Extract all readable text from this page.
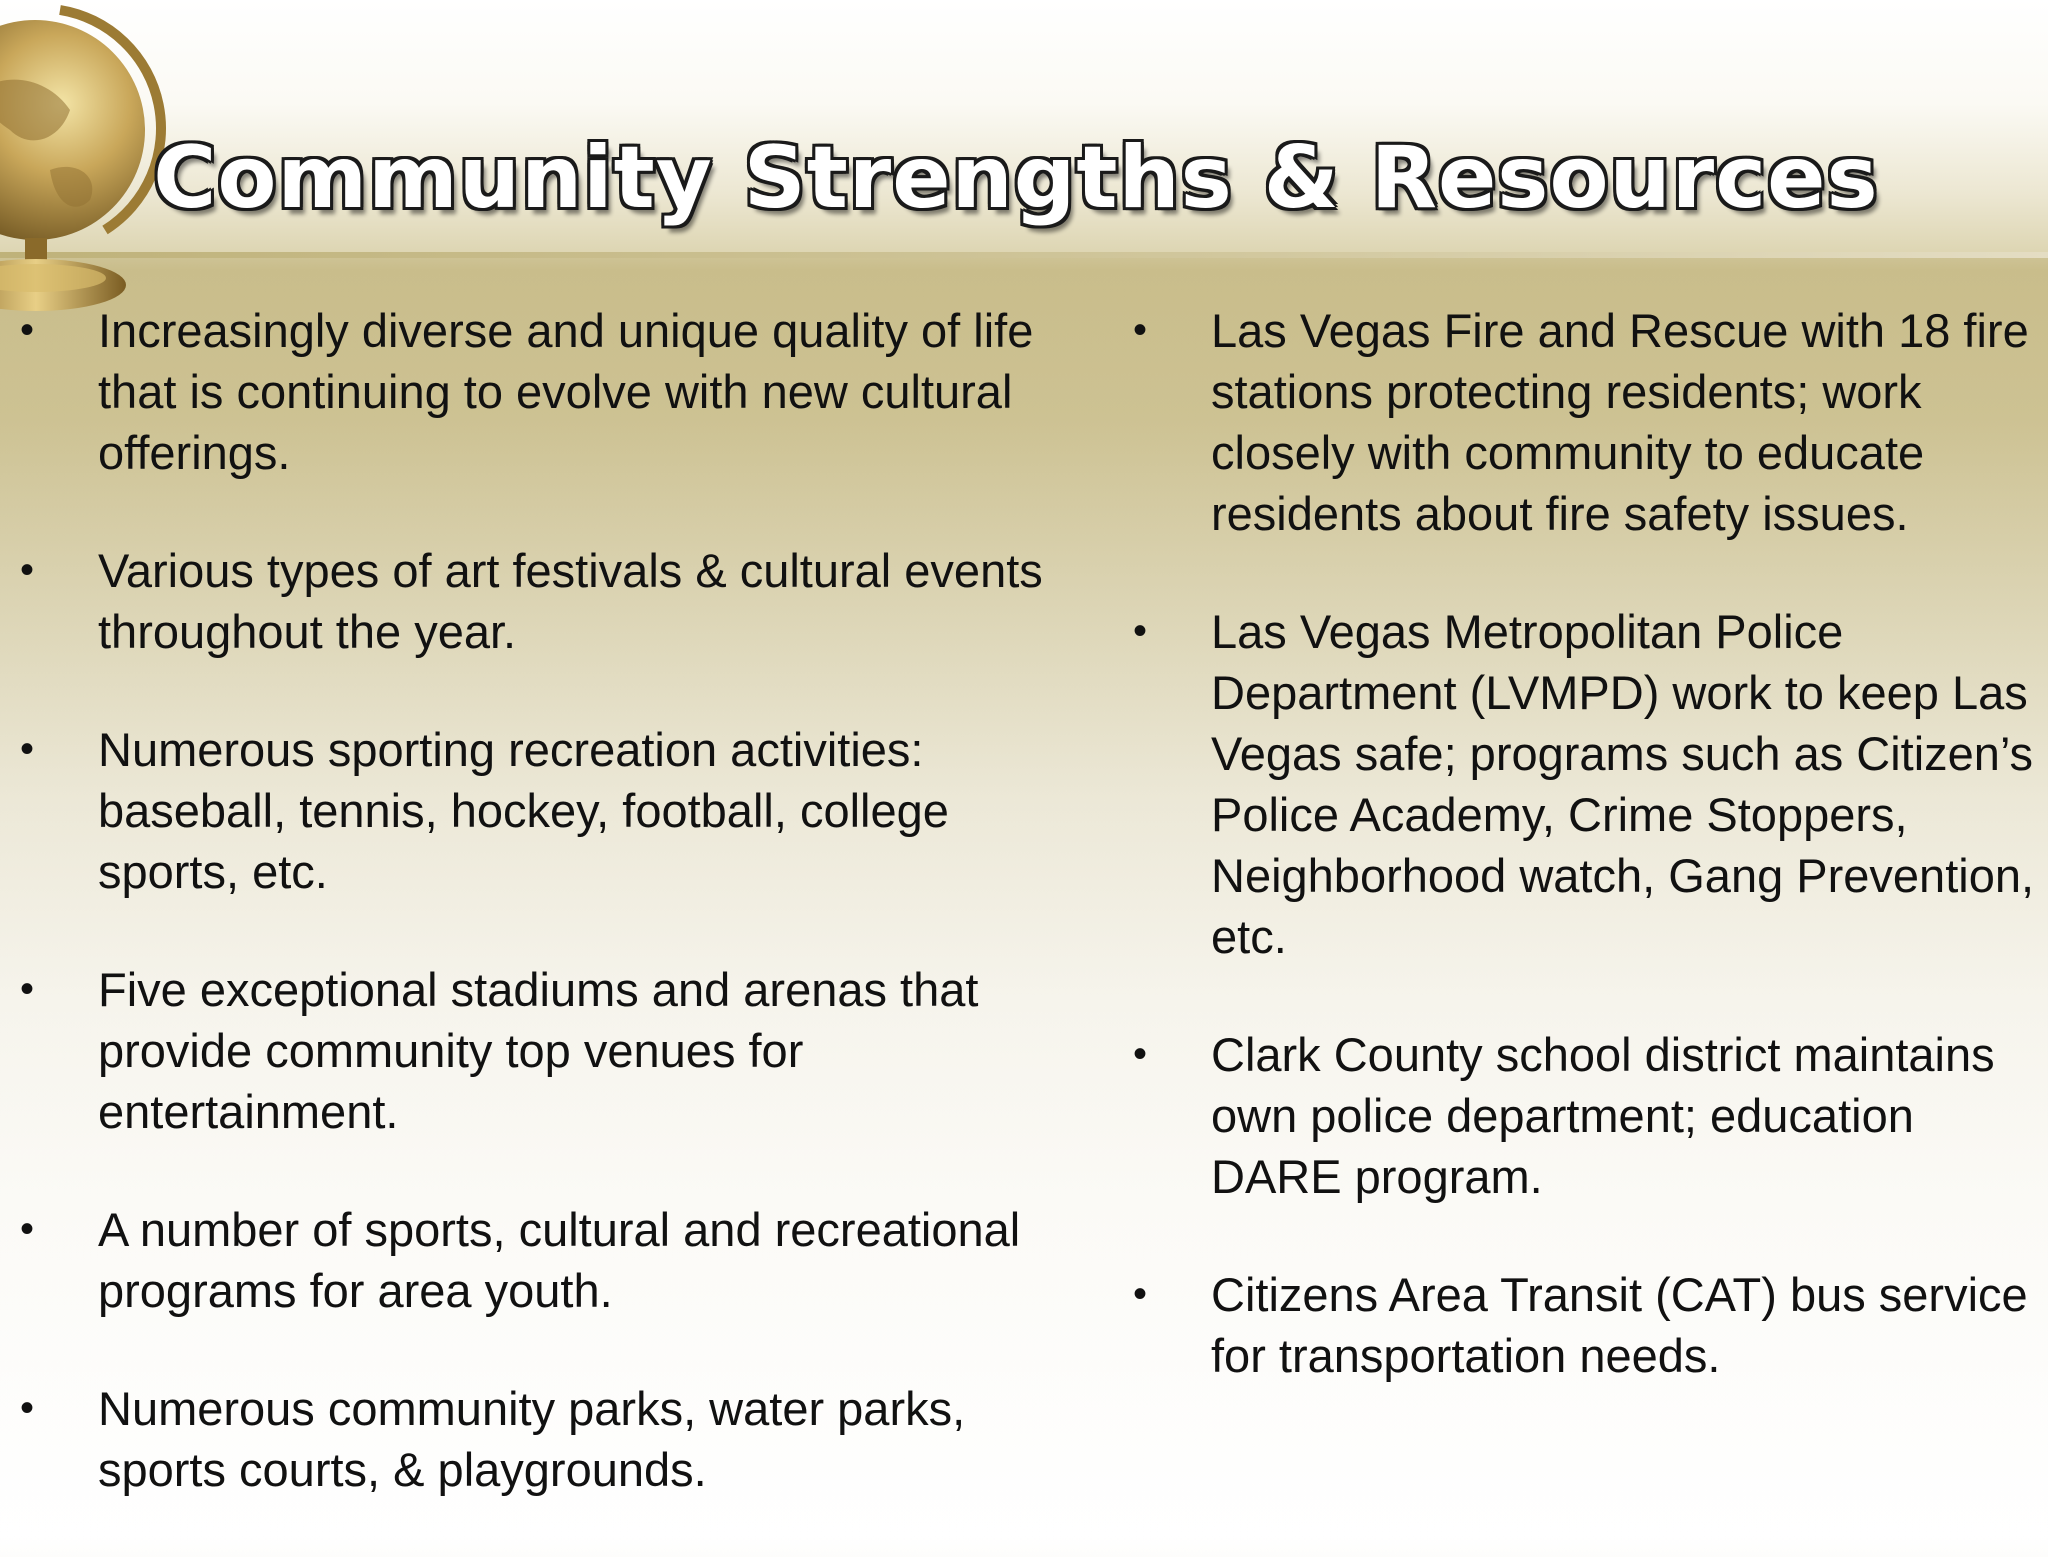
Community Strengths & Resources
• Increasingly diverse and unique quality of life that is continuing to evolve with new cultural offerings.
• Various types of art festivals & cultural events throughout the year.
• Numerous sporting recreation activities: baseball, tennis, hockey, football, college sports, etc.
• Five exceptional stadiums and arenas that provide community top venues for entertainment.
• A number of sports, cultural and recreational programs for area youth.
• Numerous community parks, water parks, sports courts, & playgrounds.
• Las Vegas Fire and Rescue with 18 fire stations protecting residents; work closely with community to educate residents about fire safety issues.
• Las Vegas Metropolitan Police Department (LVMPD) work to keep Las Vegas safe; programs such as Citizen’s Police Academy, Crime Stoppers, Neighborhood watch, Gang Prevention, etc.
• Clark County school district maintains own police department; education DARE program.
• Citizens Area Transit (CAT) bus service for transportation needs.
